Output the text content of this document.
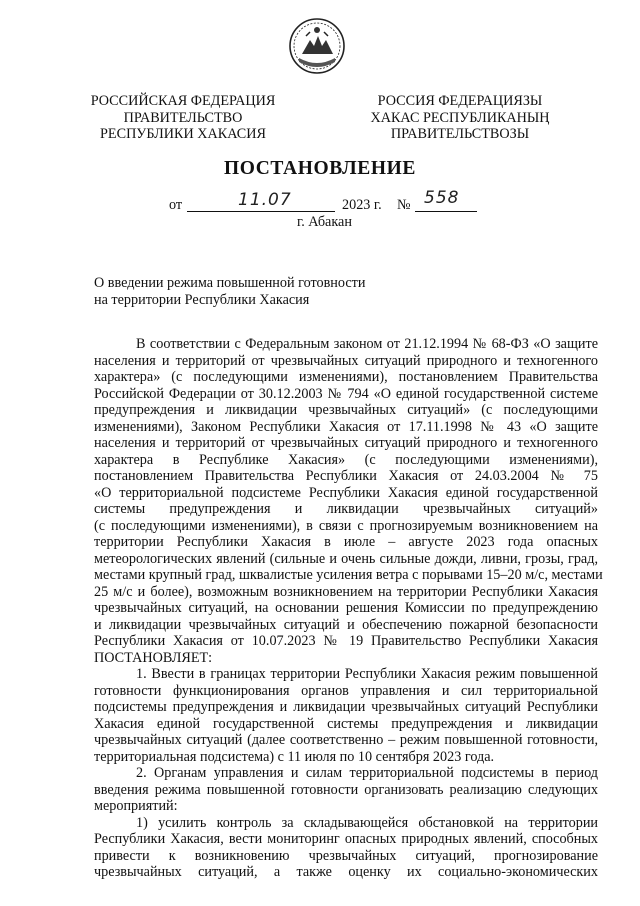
РОССИЙСКАЯ ФЕДЕРАЦИЯ
ПРАВИТЕЛЬСТВО
РЕСПУБЛИКИ ХАКАСИЯ
РОССИЯ ФЕДЕРАЦИЯЗЫ
ХАКАС РЕСПУБЛИКАНЫҢ
ПРАВИТЕЛЬСТВОЗЫ
ПОСТАНОВЛЕНИЕ
от	11.07	2023 г. № 558
г. Абакан
О введении режима повышенной готовности
на территории Республики Хакасия
В соответствии с Федеральным законом от 21.12.1994 № 68-ФЗ «О защите
населения и территорий от чрезвычайных ситуаций природного и техногенного
характера» (с последующими изменениями), постановлением Правительства
Российской Федерации от 30.12.2003 № 794 «О единой государственной системе
предупреждения и ликвидации чрезвычайных ситуаций» (с последующими
изменениями), Законом Республики Хакасия от 17.11.1998 № 43 «О защите
населения и территорий от чрезвычайных ситуаций природного и техногенного
характера в Республике Хакасия» (с последующими изменениями),
постановлением Правительства Республики Хакасия от 24.03.2004 № 75
«О территориальной подсистеме Республики Хакасия единой государственной
системы предупреждения и ликвидации чрезвычайных ситуаций»
(с последующими изменениями), в связи с прогнозируемым возникновением на
территории Республики Хакасия в июле – августе 2023 года опасных
метеорологических явлений (сильные и очень сильные дожди, ливни, грозы, град,
местами крупный град, шквалистые усиления ветра с порывами 15–20 м/с, местами
25 м/с и более), возможным возникновением на территории Республики Хакасия
чрезвычайных ситуаций, на основании решения Комиссии по предупреждению
и ликвидации чрезвычайных ситуаций и обеспечению пожарной безопасности
Республики Хакасия от 10.07.2023 № 19 Правительство Республики Хакасия
ПОСТАНОВЛЯЕТ:
1. Ввести в границах территории Республики Хакасия режим повышенной
готовности функционирования органов управления и сил территориальной
подсистемы предупреждения и ликвидации чрезвычайных ситуаций Республики
Хакасия единой государственной системы предупреждения и ликвидации
чрезвычайных ситуаций (далее соответственно – режим повышенной готовности,
территориальная подсистема) с 11 июля по 10 сентября 2023 года.
2. Органам управления и силам территориальной подсистемы в период
введения режима повышенной готовности организовать реализацию следующих
мероприятий:
1) усилить контроль за складывающейся обстановкой на территории
Республики Хакасия, вести мониторинг опасных природных явлений, способных
привести к возникновению чрезвычайных ситуаций, прогнозирование
чрезвычайных ситуаций, а также оценку их социально-экономических
